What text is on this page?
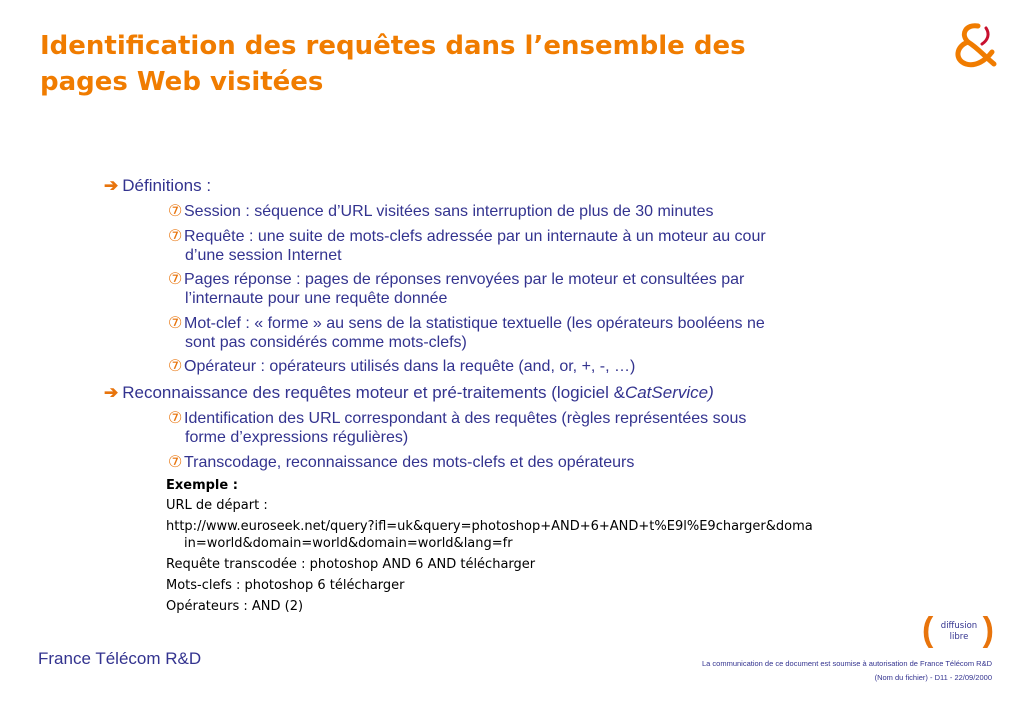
Identification des requêtes dans l’ensemble des
pages Web visitées
➔ Définitions :
⑦ Session : séquence d’URL visitées sans interruption de plus de 30 minutes
⑦ Requête : une suite de mots-clefs adressée par un internaute à un moteur au cour
d’une session Internet
⑦ Pages réponse : pages de réponses renvoyées par le moteur et consultées par
l’internaute pour une requête donnée
⑦ Mot-clef : « forme » au sens de la statistique textuelle (les opérateurs booléens ne
sont pas considérés comme mots-clefs)
⑦ Opérateur : opérateurs utilisés dans la requête (and, or, +, -, …)
➔ Reconnaissance des requêtes moteur et pré-traitements (logiciel &CatService)
⑦ Identification des URL correspondant à des requêtes (règles représentées sous
forme d’expressions régulières)
⑦ Transcodage, reconnaissance des mots-clefs et des opérateurs
Exemple :
URL de départ :
http://www.euroseek.net/query?ifl=uk&query=photoshop+AND+6+AND+t%E9l%E9charger&doma
in=world&domain=world&domain=world&lang=fr
Requête transcodée : photoshop AND 6 AND télécharger
Mots-clefs : photoshop 6 télécharger
Opérateurs : AND (2)
France Télécom R&D
( diffusion
libre )
La communication de ce document est soumise à autorisation de France Télécom R&D
(Nom du fichier) - D11 - 22/09/2000
